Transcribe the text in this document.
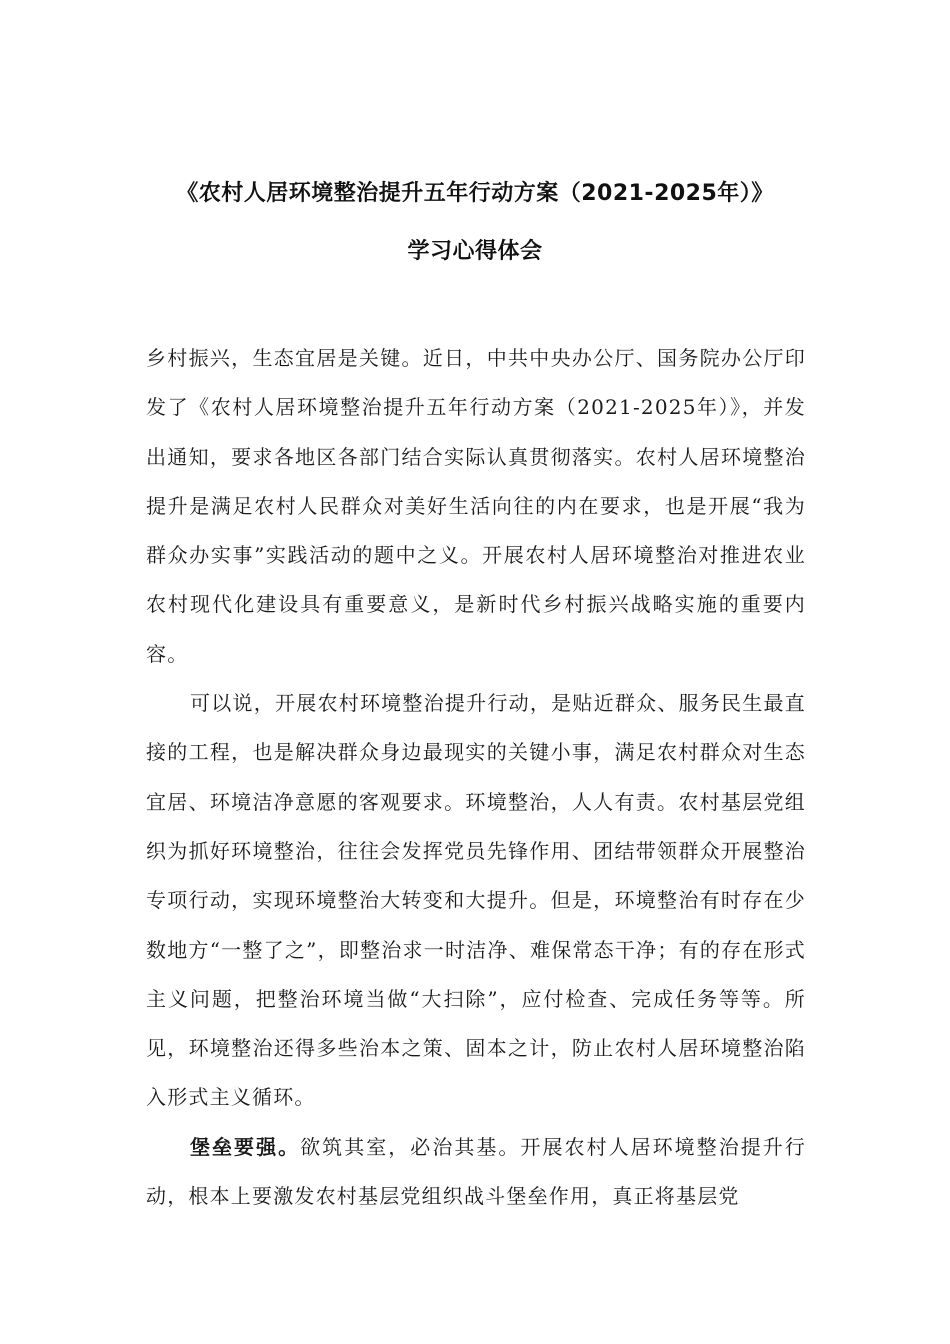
《农村人居环境整治提升五年行动方案（2021-2025年）》
学习心得体会

乡村振兴，生态宜居是关键。近日，中共中央办公厅、国务院办公厅印发了《农村人居环境整治提升五年行动方案（2021-2025年）》，并发出通知，要求各地区各部门结合实际认真贯彻落实。农村人居环境整治提升是满足农村人民群众对美好生活向往的内在要求，也是开展“我为群众办实事”实践活动的题中之义。开展农村人居环境整治对推进农业农村现代化建设具有重要意义，是新时代乡村振兴战略实施的重要内容。

可以说，开展农村环境整治提升行动，是贴近群众、服务民生最直接的工程，也是解决群众身边最现实的关键小事，满足农村群众对生态宜居、环境洁净意愿的客观要求。环境整治，人人有责。农村基层党组织为抓好环境整治，往往会发挥党员先锋作用、团结带领群众开展整治专项行动，实现环境整治大转变和大提升。但是，环境整治有时存在少数地方“一整了之”，即整治求一时洁净、难保常态干净；有的存在形式主义问题，把整治环境当做“大扫除”，应付检查、完成任务等等。所见，环境整治还得多些治本之策、固本之计，防止农村人居环境整治陷入形式主义循环。

堡垒要强。欲筑其室，必治其基。开展农村人居环境整治提升行动，根本上要激发农村基层党组织战斗堡垒作用，真正将基层党
